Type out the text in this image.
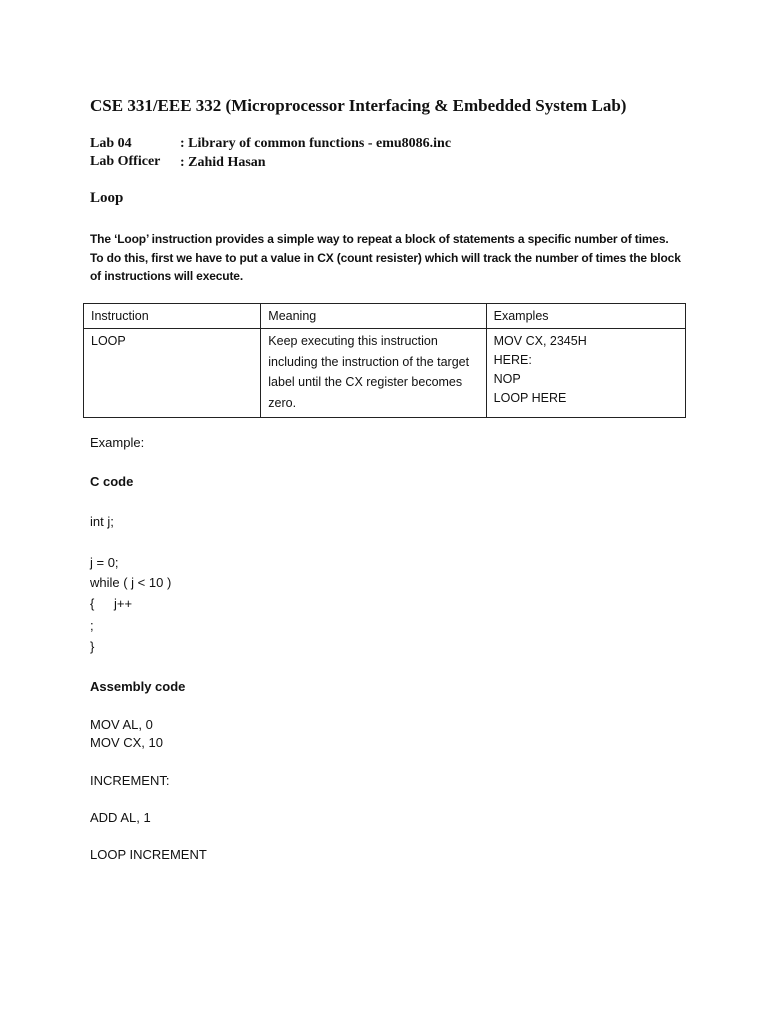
CSE 331/EEE 332 (Microprocessor Interfacing & Embedded System Lab)
Lab 04	: Library of common functions - emu8086.inc
Lab Officer : Zahid Hasan
Loop
The ‘Loop’ instruction provides a simple way to repeat a block of statements a specific number of times.
To do this, first we have to put a value in CX (count resister) which will track the number of times the block
of instructions will execute.
Instruction	Meaning	Examples

LOOP	Keep executing this instruction including the instruction of the target label until the CX register becomes zero.	MOV CX, 2345H
HERE:
NOP
LOOP HERE
Example:
C code
int j;
j = 0;
while ( j < 10 )
{ j++
;
}
Assembly code
MOV AL, 0
MOV CX, 10
INCREMENT:
ADD AL, 1
LOOP INCREMENT
